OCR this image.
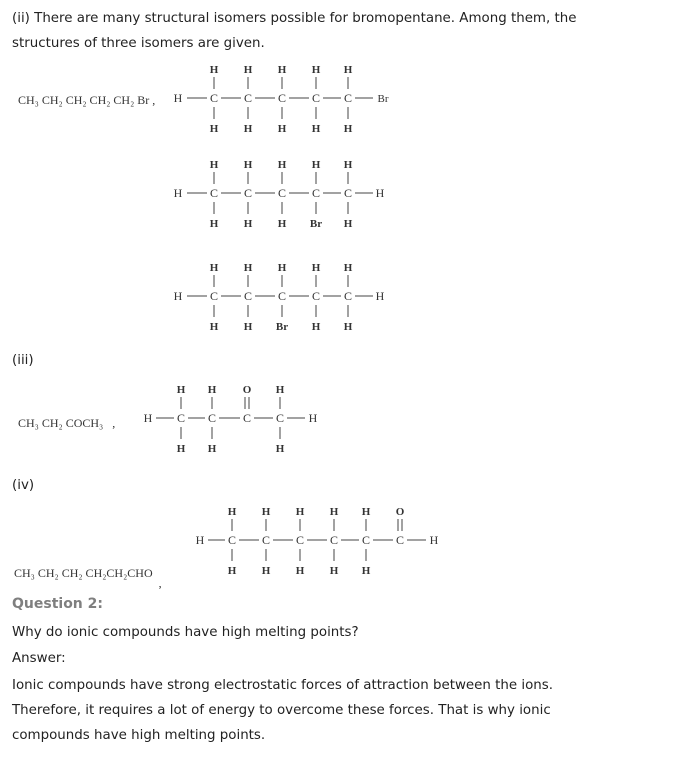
(ii) There are many structural isomers possible for bromopentane. Among them, the
structures of three isomers are given.
CH₃ CH₂ CH₂ CH₂ CH₂ Br ,
H H H H H
H C C C C C Br
H H H H H
H H H H H
H C C C C C H
H H H Br H
H H H H H
H C C C C C H
H H Br H H
(iii)
CH₃ CH₂ COCH₃ ,
H H O H
H C C C C H
H H	H
(iv)
CH₃ CH₂ CH₂ CH₂CH₂CHO ,
H H H H H O
H C C C C C C H
H H H H H
Question 2:
Why do ionic compounds have high melting points?
Answer:
Ionic compounds have strong electrostatic forces of attraction between the ions.
Therefore, it requires a lot of energy to overcome these forces. That is why ionic
compounds have high melting points.
